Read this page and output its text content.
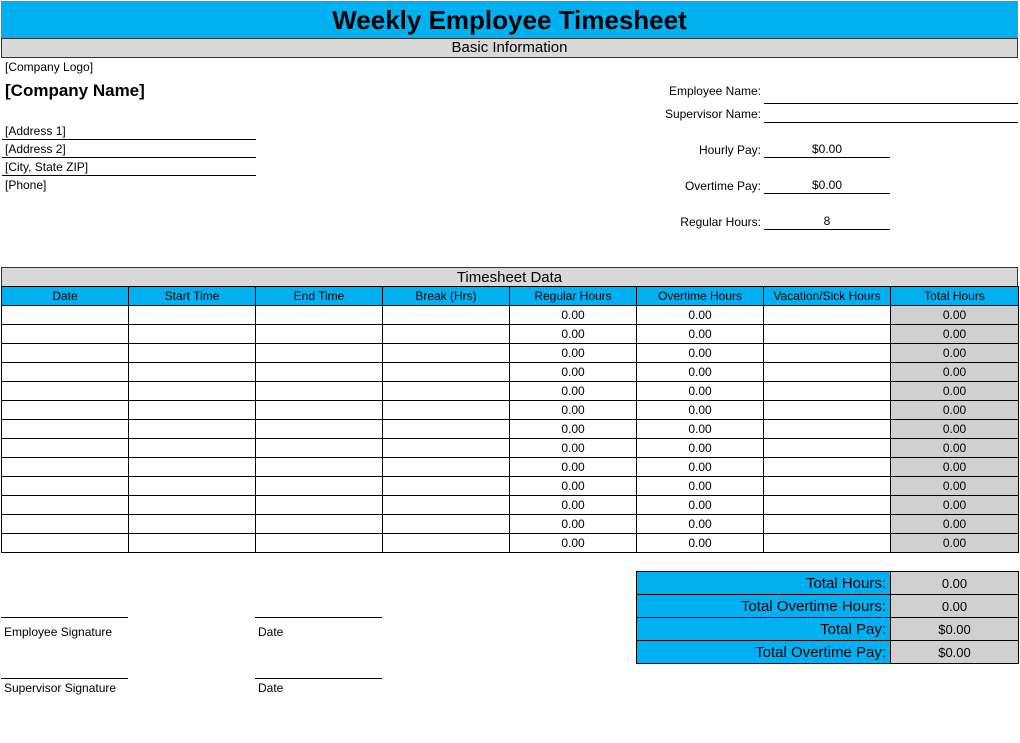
Weekly Employee Timesheet
Basic Information
[Company Logo]
[Company Name]
[Address 1]
[Address 2]
[City, State ZIP]
[Phone]
Employee Name:
Supervisor Name:
Hourly Pay:	$0.00
Overtime Pay:	$0.00
Regular Hours:	8
Timesheet Data
Date	Start Time	End Time	Break (Hrs)	Regular Hours	Overtime Hours	Vacation/Sick Hours	Total Hours
				0.00	0.00		0.00
				0.00	0.00		0.00
				0.00	0.00		0.00
				0.00	0.00		0.00
				0.00	0.00		0.00
				0.00	0.00		0.00
				0.00	0.00		0.00
				0.00	0.00		0.00
				0.00	0.00		0.00
				0.00	0.00		0.00
				0.00	0.00		0.00
				0.00	0.00		0.00
				0.00	0.00		0.00
Total Hours:	0.00
Total Overtime Hours:	0.00
Total Pay:	$0.00
Total Overtime Pay:	$0.00
Employee Signature	Date
Supervisor Signature	Date
